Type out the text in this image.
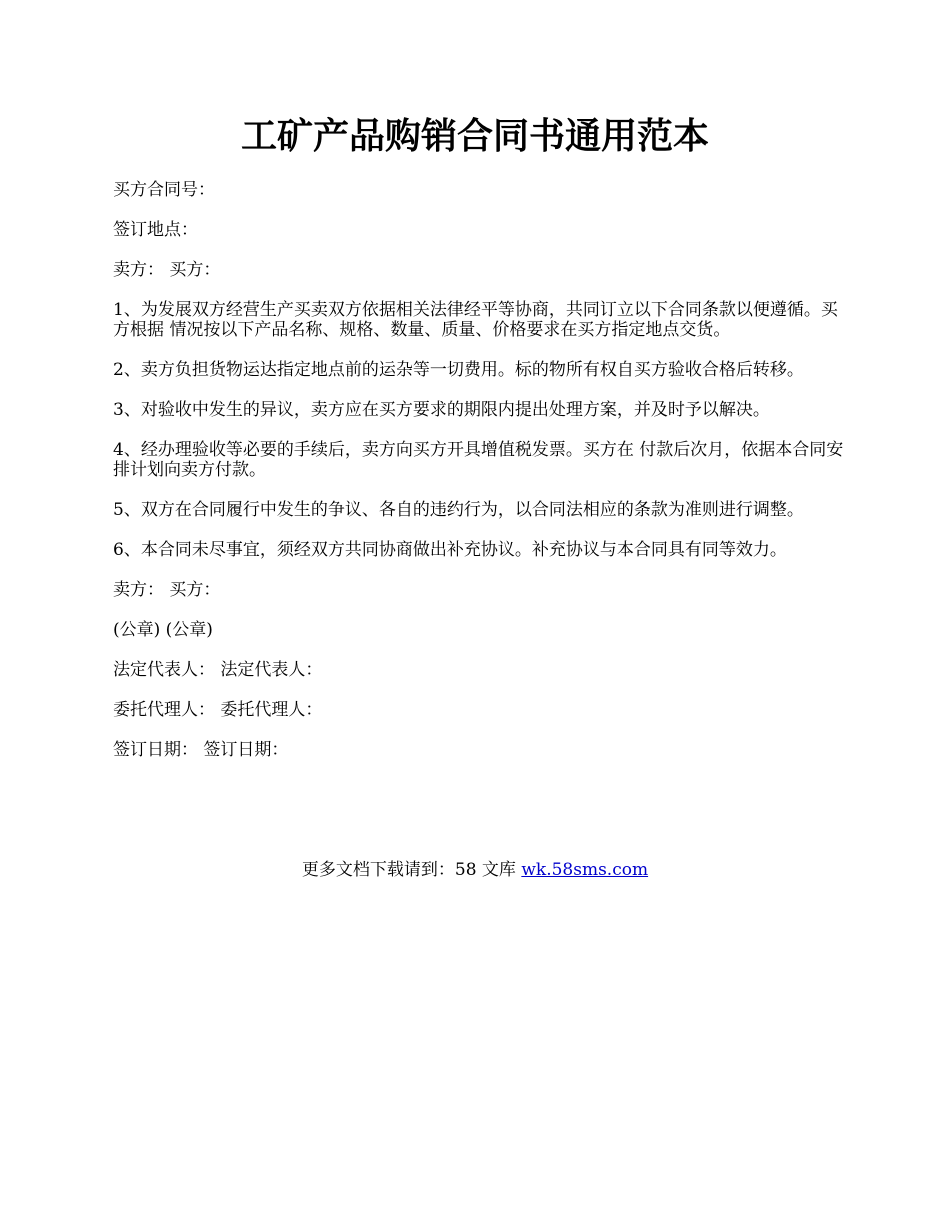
工矿产品购销合同书通用范本

买方合同号：

签订地点：

卖方： 买方：

1、为发展双方经营生产买卖双方依据相关法律经平等协商，共同订立以下合同条款以便遵循。买方根据 情况按以下产品名称、规格、数量、质量、价格要求在买方指定地点交货。

2、卖方负担货物运达指定地点前的运杂等一切费用。标的物所有权自买方验收合格后转移。

3、对验收中发生的异议，卖方应在买方要求的期限内提出处理方案，并及时予以解决。

4、经办理验收等必要的手续后，卖方向买方开具增值税发票。买方在 付款后次月，依据本合同安排计划向卖方付款。

5、双方在合同履行中发生的争议、各自的违约行为，以合同法相应的条款为准则进行调整。

6、本合同未尽事宜，须经双方共同协商做出补充协议。补充协议与本合同具有同等效力。

卖方： 买方：

(公章) (公章)

法定代表人： 法定代表人：

委托代理人： 委托代理人：

签订日期： 签订日期：

更多文档下载请到：58 文库 wk.58sms.com
